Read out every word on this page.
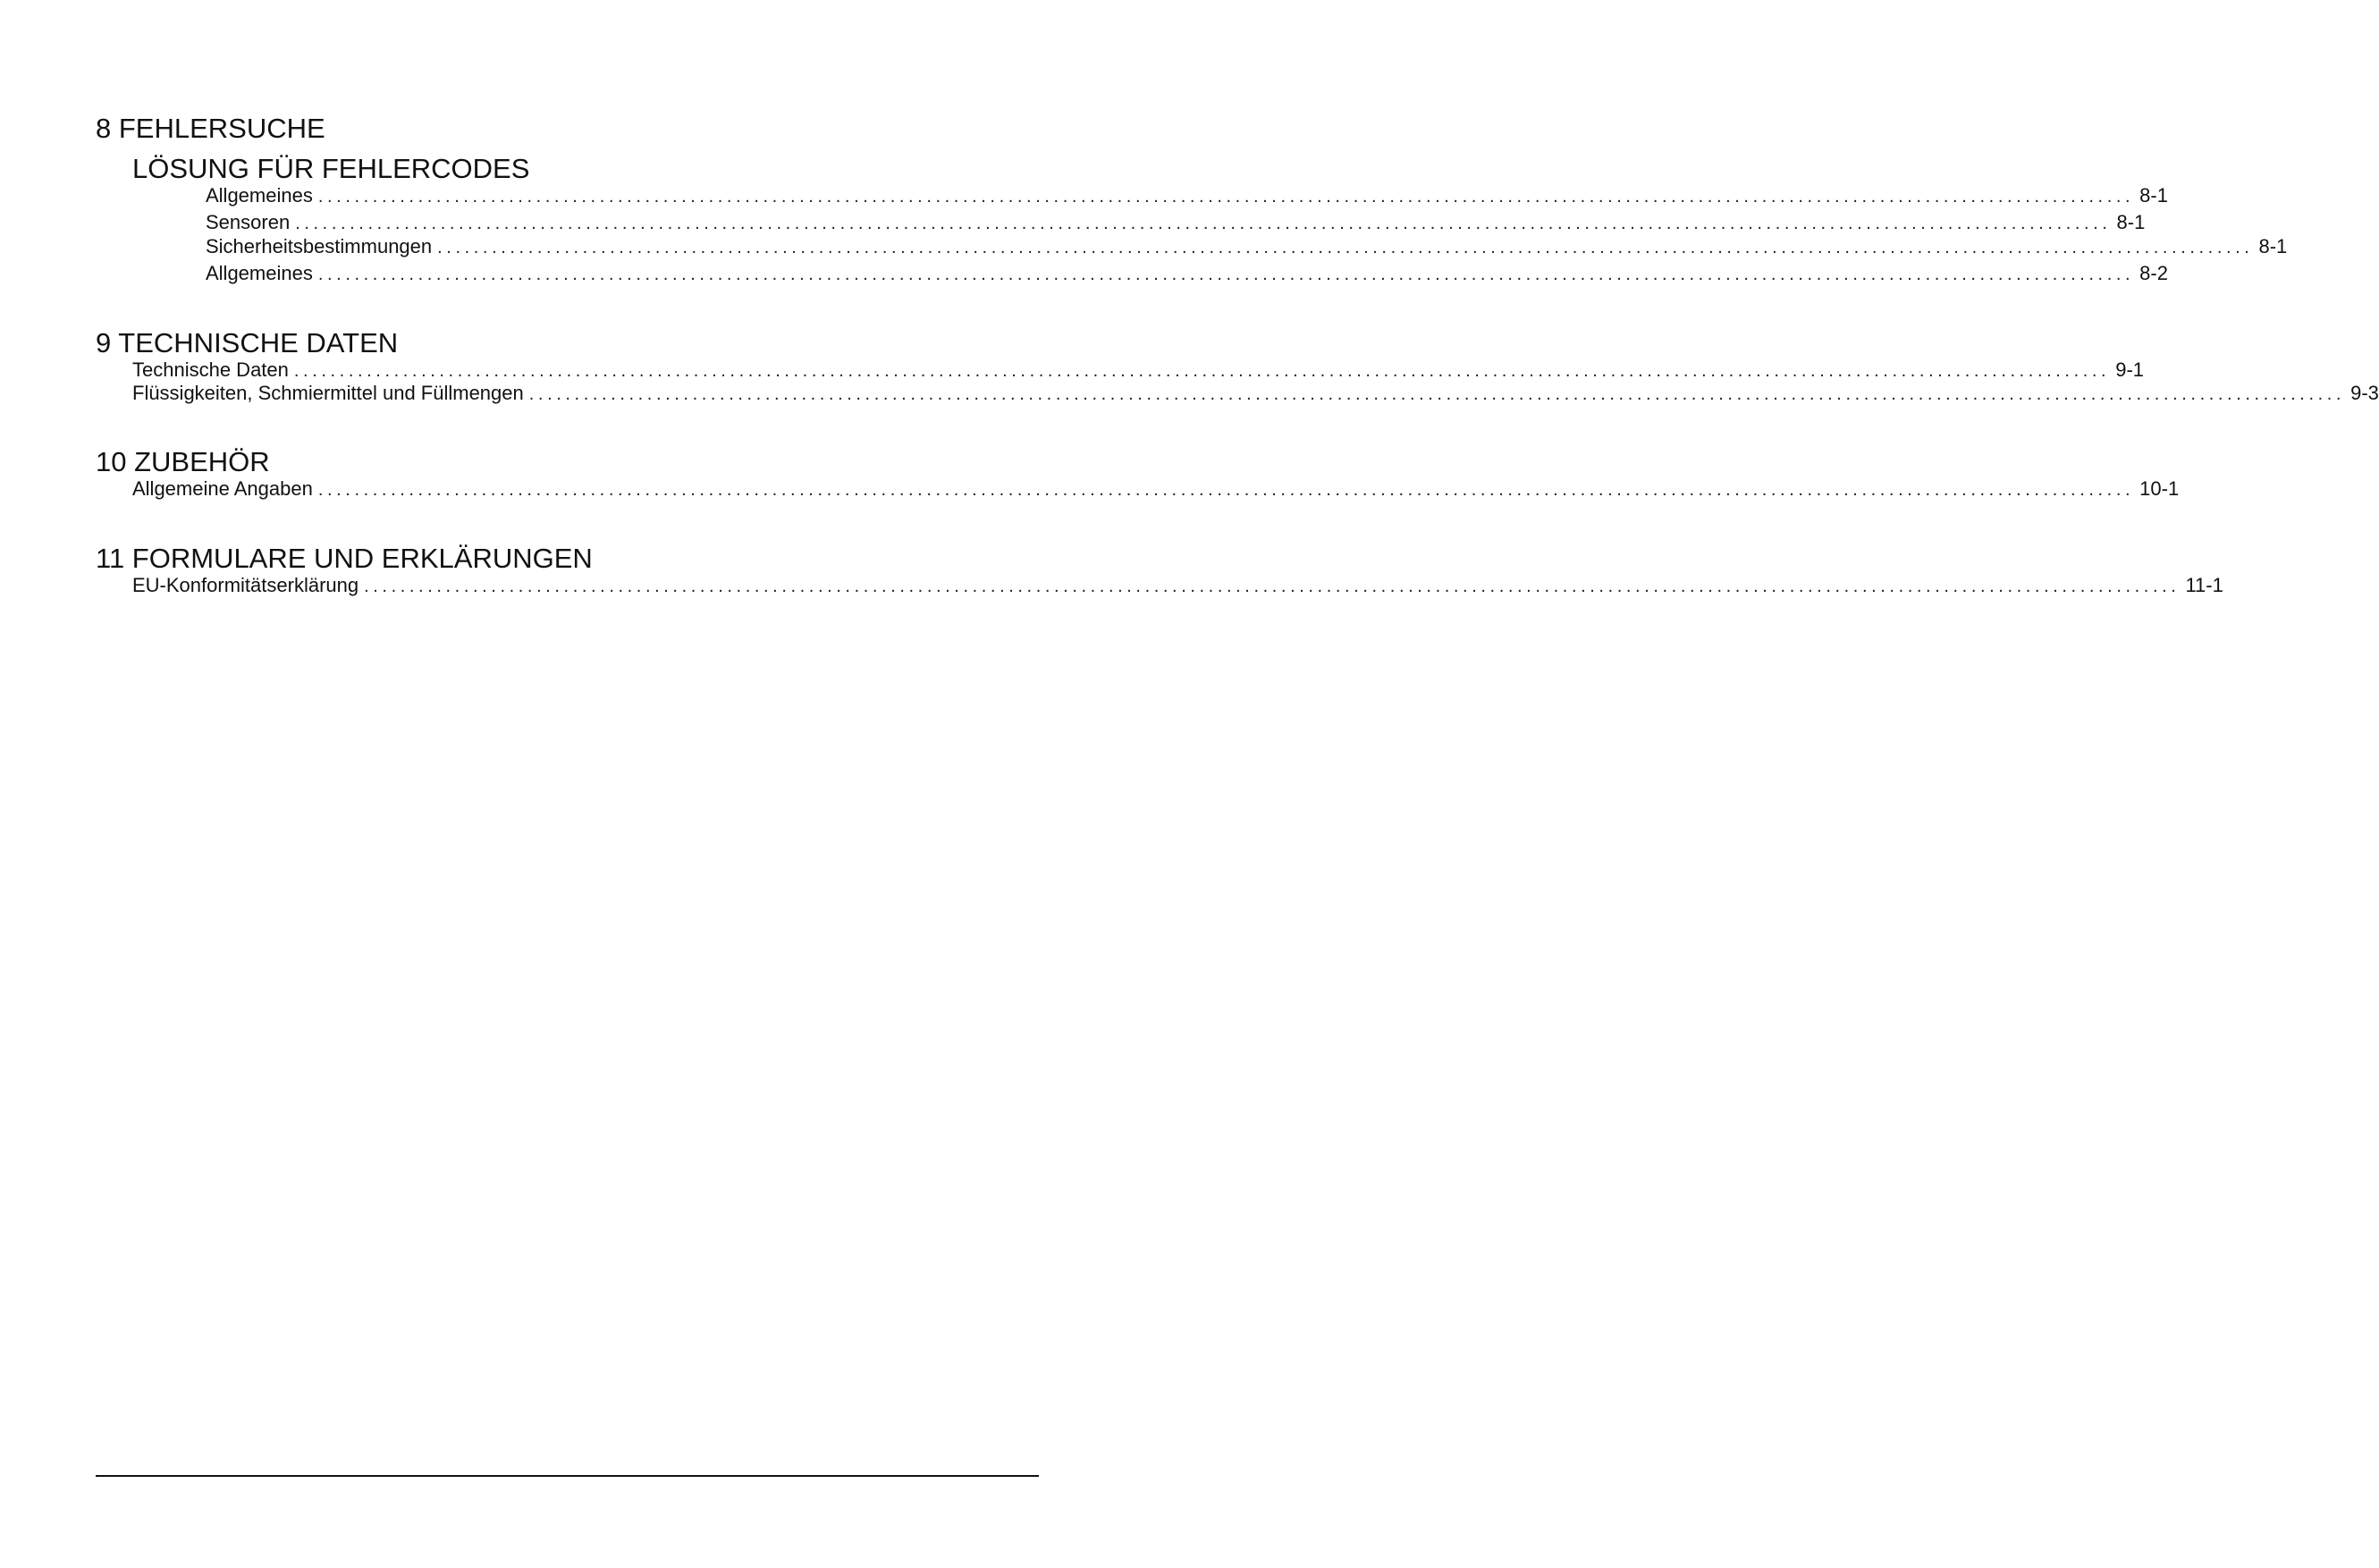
8 FEHLERSUCHE
LÖSUNG FÜR FEHLERCODES
Allgemeines ........................................................................................................................................................................................................ 8-1
Sensoren ........................................................................................................................................................................................................ 8-1
Sicherheitsbestimmungen ........................................................................................................................................................................................................ 8-1
Allgemeines ........................................................................................................................................................................................................ 8-2
9 TECHNISCHE DATEN
Technische Daten ........................................................................................................................................................................................................ 9-1
Flüssigkeiten, Schmiermittel und Füllmengen ........................................................................................................................................................................................................ 9-3
10 ZUBEHÖR
Allgemeine Angaben ........................................................................................................................................................................................................ 10-1
11 FORMULARE UND ERKLÄRUNGEN
EU-Konformitätserklärung ........................................................................................................................................................................................................ 11-1
